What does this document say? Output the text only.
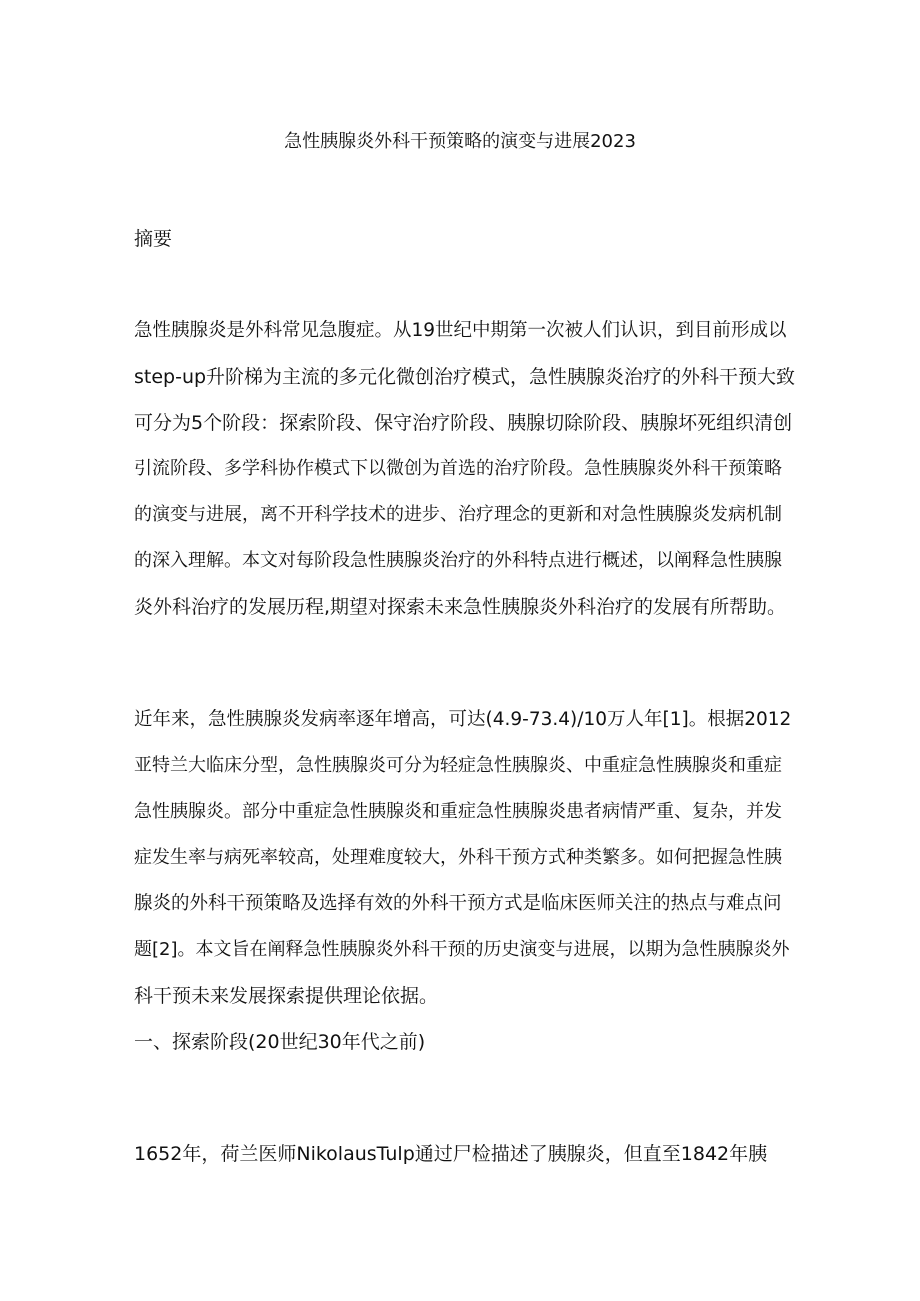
急性胰腺炎外科干预策略的演变与进展2023
摘要
急性胰腺炎是外科常见急腹症。从19世纪中期第一次被人们认识，到目前形成以
step-up升阶梯为主流的多元化微创治疗模式，急性胰腺炎治疗的外科干预大致
可分为5个阶段：探索阶段、保守治疗阶段、胰腺切除阶段、胰腺坏死组织清创
引流阶段、多学科协作模式下以微创为首选的治疗阶段。急性胰腺炎外科干预策略
的演变与进展，离不开科学技术的进步、治疗理念的更新和对急性胰腺炎发病机制
的深入理解。本文对每阶段急性胰腺炎治疗的外科特点进行概述，以阐释急性胰腺
炎外科治疗的发展历程,期望对探索未来急性胰腺炎外科治疗的发展有所帮助。
近年来，急性胰腺炎发病率逐年增高，可达(4.9-73.4)/10万人年[1]。根据2012
亚特兰大临床分型，急性胰腺炎可分为轻症急性胰腺炎、中重症急性胰腺炎和重症
急性胰腺炎。部分中重症急性胰腺炎和重症急性胰腺炎患者病情严重、复杂，并发
症发生率与病死率较高，处理难度较大，外科干预方式种类繁多。如何把握急性胰
腺炎的外科干预策略及选择有效的外科干预方式是临床医师关注的热点与难点问
题[2]。本文旨在阐释急性胰腺炎外科干预的历史演变与进展，以期为急性胰腺炎外
科干预未来发展探索提供理论依据。
一、探索阶段(20世纪30年代之前)
1652年，荷兰医师NikolausTulp通过尸检描述了胰腺炎，但直至1842年胰
